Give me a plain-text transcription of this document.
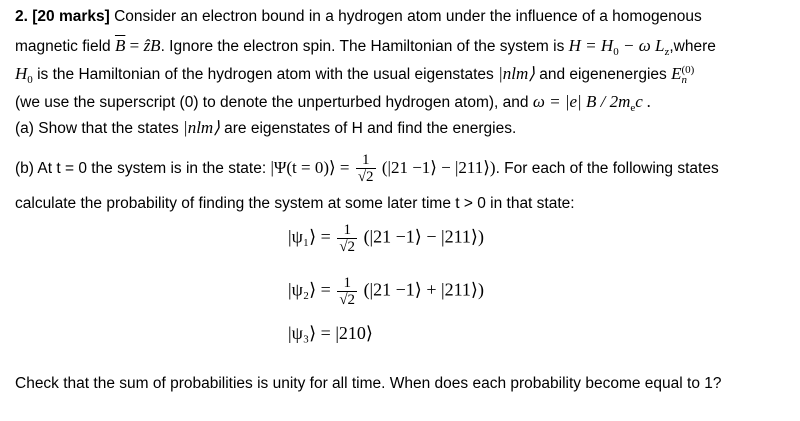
2. [20 marks] Consider an electron bound in a hydrogen atom under the influence of a homogenous
magnetic field $\overline{B}$ = ẑB. Ignore the electron spin. The Hamiltonian of the system is $H = H_0 - \omega$ $L_z,where$
$H_0$ is the Hamiltonian of the hydrogen atom with the usual eigenstates |nlm⟩ and eigenenergies E (0)
n
(we use the superscript (0) to denote the unperturbed hydrogen atom), and ω = |e| B / $2m_ec$ .
(a) Show that the states |nlm⟩ are eigenstates of H and find the energies.
(b) At t = 0 the system is in the state: |Ψ(t = 0)⟩ = $\frac{1}{√2} (|21$ −1⟩ − |211⟩). For each of the following states
calculate the probability of finding the system at some later time t > 0 in that state:
|ψ₁⟩ = $\frac{1}{√2} (|21$ −1⟩ − |211⟩)
|ψ₂⟩ = $\frac{1}{√2} (|21$ −1⟩ + |211⟩)
|ψ₃⟩ = |210⟩
Check that the sum of probabilities is unity for all time. When does each probability become equal to 1?
